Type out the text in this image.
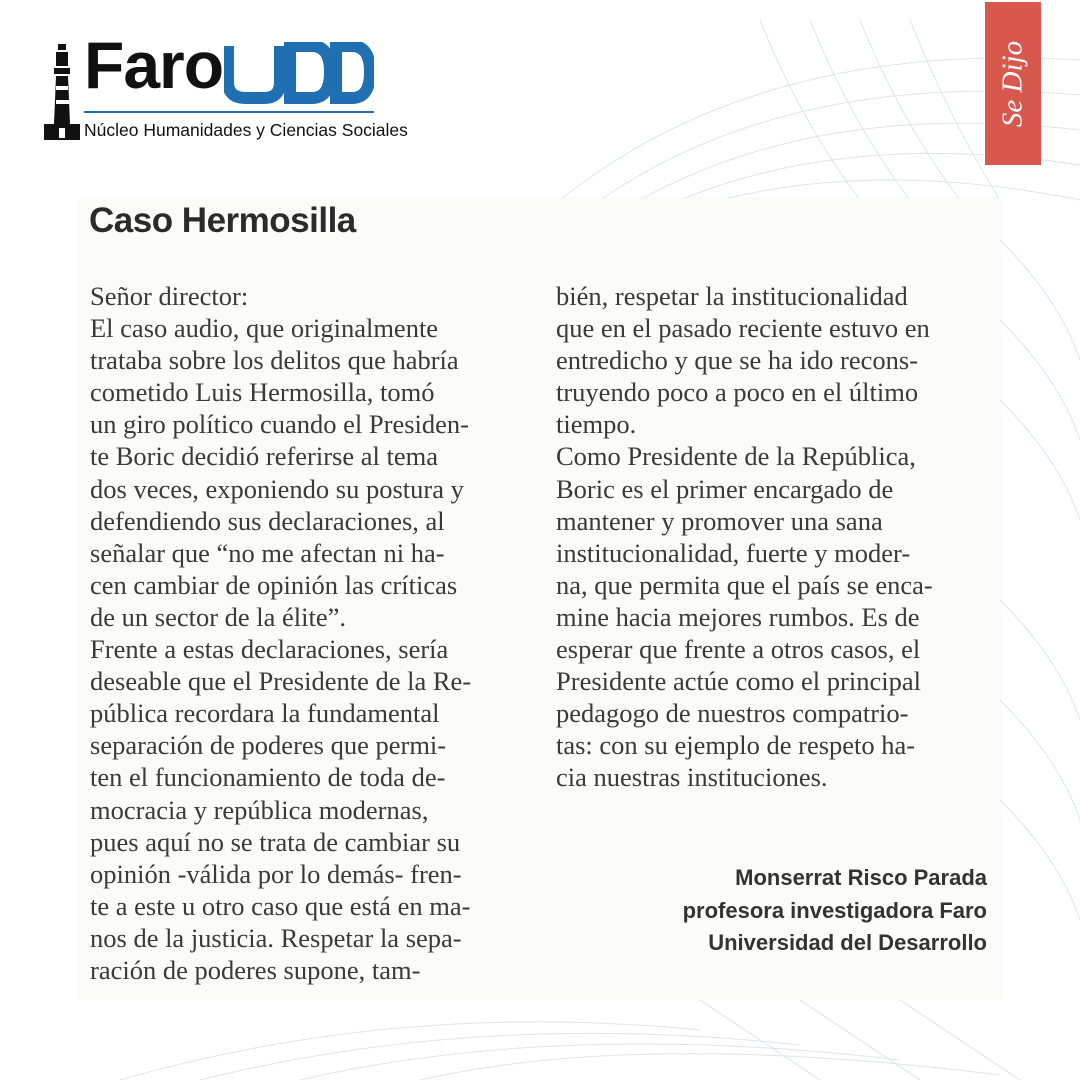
Faro
Núcleo Humanidades y Ciencias Sociales
Se Dijo
Caso Hermosilla
Señor director:
El caso audio, que originalmente
trataba sobre los delitos que habría
cometido Luis Hermosilla, tomó
un giro político cuando el Presiden-
te Boric decidió referirse al tema
dos veces, exponiendo su postura y
defendiendo sus declaraciones, al
señalar que “no me afectan ni ha-
cen cambiar de opinión las críticas
de un sector de la élite”.
Frente a estas declaraciones, sería
deseable que el Presidente de la Re-
pública recordara la fundamental
separación de poderes que permi-
ten el funcionamiento de toda de-
mocracia y república modernas,
pues aquí no se trata de cambiar su
opinión -válida por lo demás- fren-
te a este u otro caso que está en ma-
nos de la justicia. Respetar la sepa-
ración de poderes supone, tam-
bién, respetar la institucionalidad
que en el pasado reciente estuvo en
entredicho y que se ha ido recons-
truyendo poco a poco en el último
tiempo.
Como Presidente de la República,
Boric es el primer encargado de
mantener y promover una sana
institucionalidad, fuerte y moder-
na, que permita que el país se enca-
mine hacia mejores rumbos. Es de
esperar que frente a otros casos, el
Presidente actúe como el principal
pedagogo de nuestros compatrio-
tas: con su ejemplo de respeto ha-
cia nuestras instituciones.
Monserrat Risco Parada
profesora investigadora Faro
Universidad del Desarrollo
